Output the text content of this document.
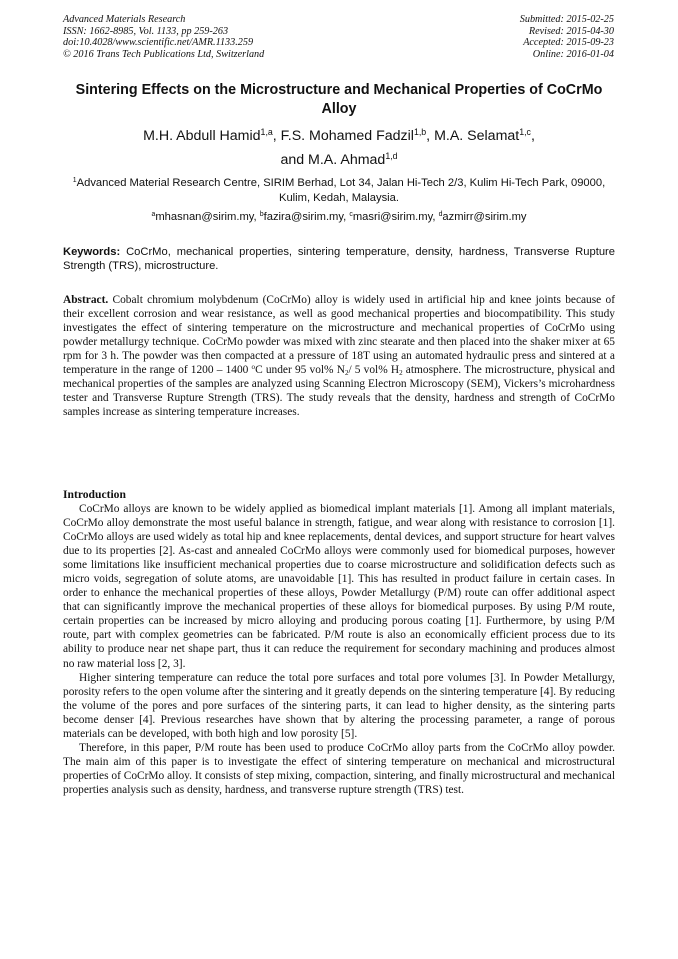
Advanced Materials Research
ISSN: 1662-8985, Vol. 1133, pp 259-263
doi:10.4028/www.scientific.net/AMR.1133.259
© 2016 Trans Tech Publications Ltd, Switzerland
Submitted: 2015-02-25
Revised: 2015-04-30
Accepted: 2015-09-23
Online: 2016-01-04
Sintering Effects on the Microstructure and Mechanical Properties of CoCrMo Alloy
M.H. Abdull Hamid$^{1,a}$, F.S. Mohamed Fadzil$^{1,b}$, M.A. Selamat$^{1,c}$,
and M.A. Ahmad$^{1,d}$
$^1$Advanced Material Research Centre, SIRIM Berhad, Lot 34, Jalan Hi-Tech 2/3, Kulim Hi-Tech Park, 09000, Kulim, Kedah, Malaysia.
$^a$mhasnan@sirim.my, $^b$fazira@sirim.my, $^c$masri@sirim.my, $^d$azmirr@sirim.my
Keywords: CoCrMo, mechanical properties, sintering temperature, density, hardness, Transverse Rupture Strength (TRS), microstructure.
Abstract. Cobalt chromium molybdenum (CoCrMo) alloy is widely used in artificial hip and knee joints because of their excellent corrosion and wear resistance, as well as good mechanical properties and biocompatibility. This study investigates the effect of sintering temperature on the microstructure and mechanical properties of CoCrMo using powder metallurgy technique. CoCrMo powder was mixed with zinc stearate and then placed into the shaker mixer at 65 rpm for 3 h. The powder was then compacted at a pressure of 18T using an automated hydraulic press and sintered at a temperature in the range of 1200 – 1400 $^o$C under 95 vol% $N_2/$ 5 vol% $H_2$ atmosphere. The microstructure, physical and mechanical properties of the samples are analyzed using Scanning Electron Microscopy (SEM), Vickers’s microhardness tester and Transverse Rupture Strength (TRS). The study reveals that the density, hardness and strength of CoCrMo samples increase as sintering temperature increases.
Introduction

CoCrMo alloys are known to be widely applied as biomedical implant materials [1]. Among all implant materials, CoCrMo alloy demonstrate the most useful balance in strength, fatigue, and wear along with resistance to corrosion [1]. CoCrMo alloys are used widely as total hip and knee replacements, dental devices, and support structure for heart valves due to its properties [2]. As-cast and annealed CoCrMo alloys were commonly used for biomedical purposes, however some limitations like insufficient mechanical properties due to coarse microstructure and solidification defects such as micro voids, segregation of solute atoms, are unavoidable [1]. This has resulted in product failure in certain cases. In order to enhance the mechanical properties of these alloys, Powder Metallurgy (P/M) route can offer additional aspect that can significantly improve the mechanical properties of these alloys for biomedical purposes. By using P/M route, certain properties can be increased by micro alloying and producing porous coating [1]. Furthermore, by using P/M route, part with complex geometries can be fabricated. P/M route is also an economically efficient process due to its ability to produce near net shape part, thus it can reduce the requirement for secondary machining and produces almost no raw material loss [2, 3].

Higher sintering temperature can reduce the total pore surfaces and total pore volumes [3]. In Powder Metallurgy, porosity refers to the open volume after the sintering and it greatly depends on the sintering temperature [4]. By reducing the volume of the pores and pore surfaces of the sintering parts, it can lead to higher density, as the sintering parts become denser [4]. Previous researches have shown that by altering the processing parameter, a range of porous materials can be developed, with both high and low porosity [5].

Therefore, in this paper, P/M route has been used to produce CoCrMo alloy parts from the CoCrMo alloy powder. The main aim of this paper is to investigate the effect of sintering temperature on mechanical and microstructural properties of CoCrMo alloy. It consists of step mixing, compaction, sintering, and finally microstructural and mechanical properties analysis such as density, hardness, and transverse rupture strength (TRS) test.
